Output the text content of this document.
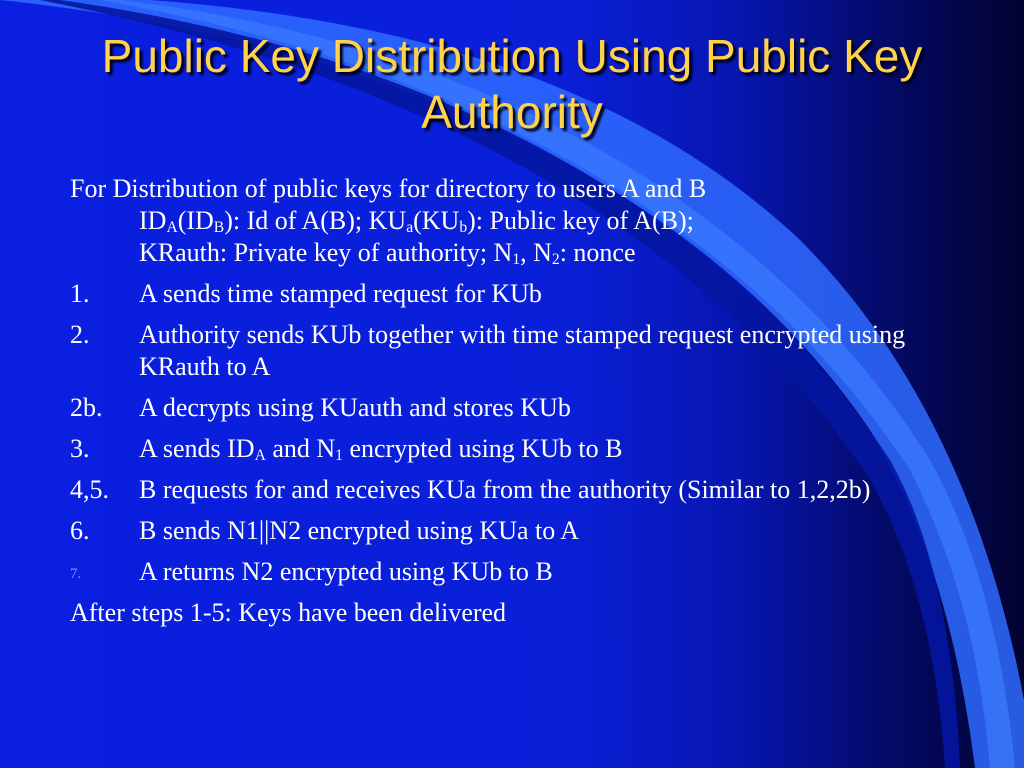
Public Key Distribution Using Public Key Authority

For Distribution of public keys for directory to users A and B
$ID_A(ID_B)$: Id of A(B); $KU_a(KU_b)$: Public key of A(B);
KRauth: Private key of authority; $N_1$, $N_2$: nonce

1. A sends time stamped request for KUb
2. Authority sends KUb together with time stamped request encrypted using KRauth to A
2b. A decrypts using KUauth and stores KUb
3. A sends $ID_A$ and $N_1$ encrypted using KUb to B
4,5. B requests for and receives KUa from the authority (Similar to 1,2,2b)
6. B sends N1||N2 encrypted using KUa to A
7. A returns N2 encrypted using KUb to B

After steps 1-5: Keys have been delivered
